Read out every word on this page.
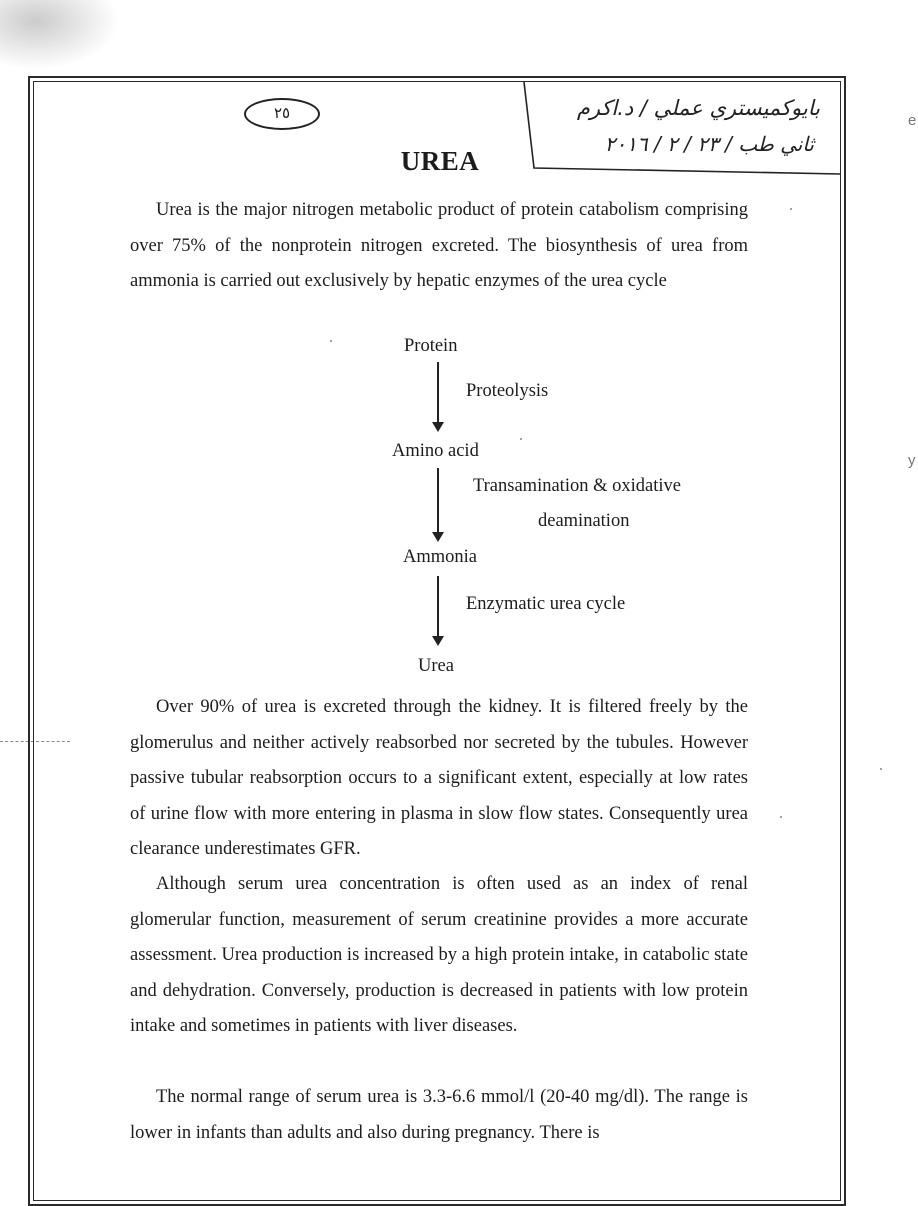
e
y
بايوكميستري عملي / د.اكرم
ثاني طب / ٢٣ / ٢ / ٢٠١٦
٢٥
UREA

Urea is the major nitrogen metabolic product of protein catabolism comprising over 75% of the nonprotein nitrogen excreted. The biosynthesis of urea from ammonia is carried out exclusively by hepatic enzymes of the urea cycle

Protein
Proteolysis
Amino acid
Transamination & oxidative
deamination
Ammonia
Enzymatic urea cycle
Urea

Over 90% of urea is excreted through the kidney. It is filtered freely by the glomerulus and neither actively reabsorbed nor secreted by the tubules. However passive tubular reabsorption occurs to a significant extent, especially at low rates of urine flow with more entering in plasma in slow flow states. Consequently urea clearance underestimates GFR.

Although serum urea concentration is often used as an index of renal glomerular function, measurement of serum creatinine provides a more accurate assessment. Urea production is increased by a high protein intake, in catabolic state and dehydration. Conversely, production is decreased in patients with low protein intake and sometimes in patients with liver diseases.

The normal range of serum urea is 3.3-6.6 mmol/l (20-40 mg/dl). The range is lower in infants than adults and also during pregnancy. There is
